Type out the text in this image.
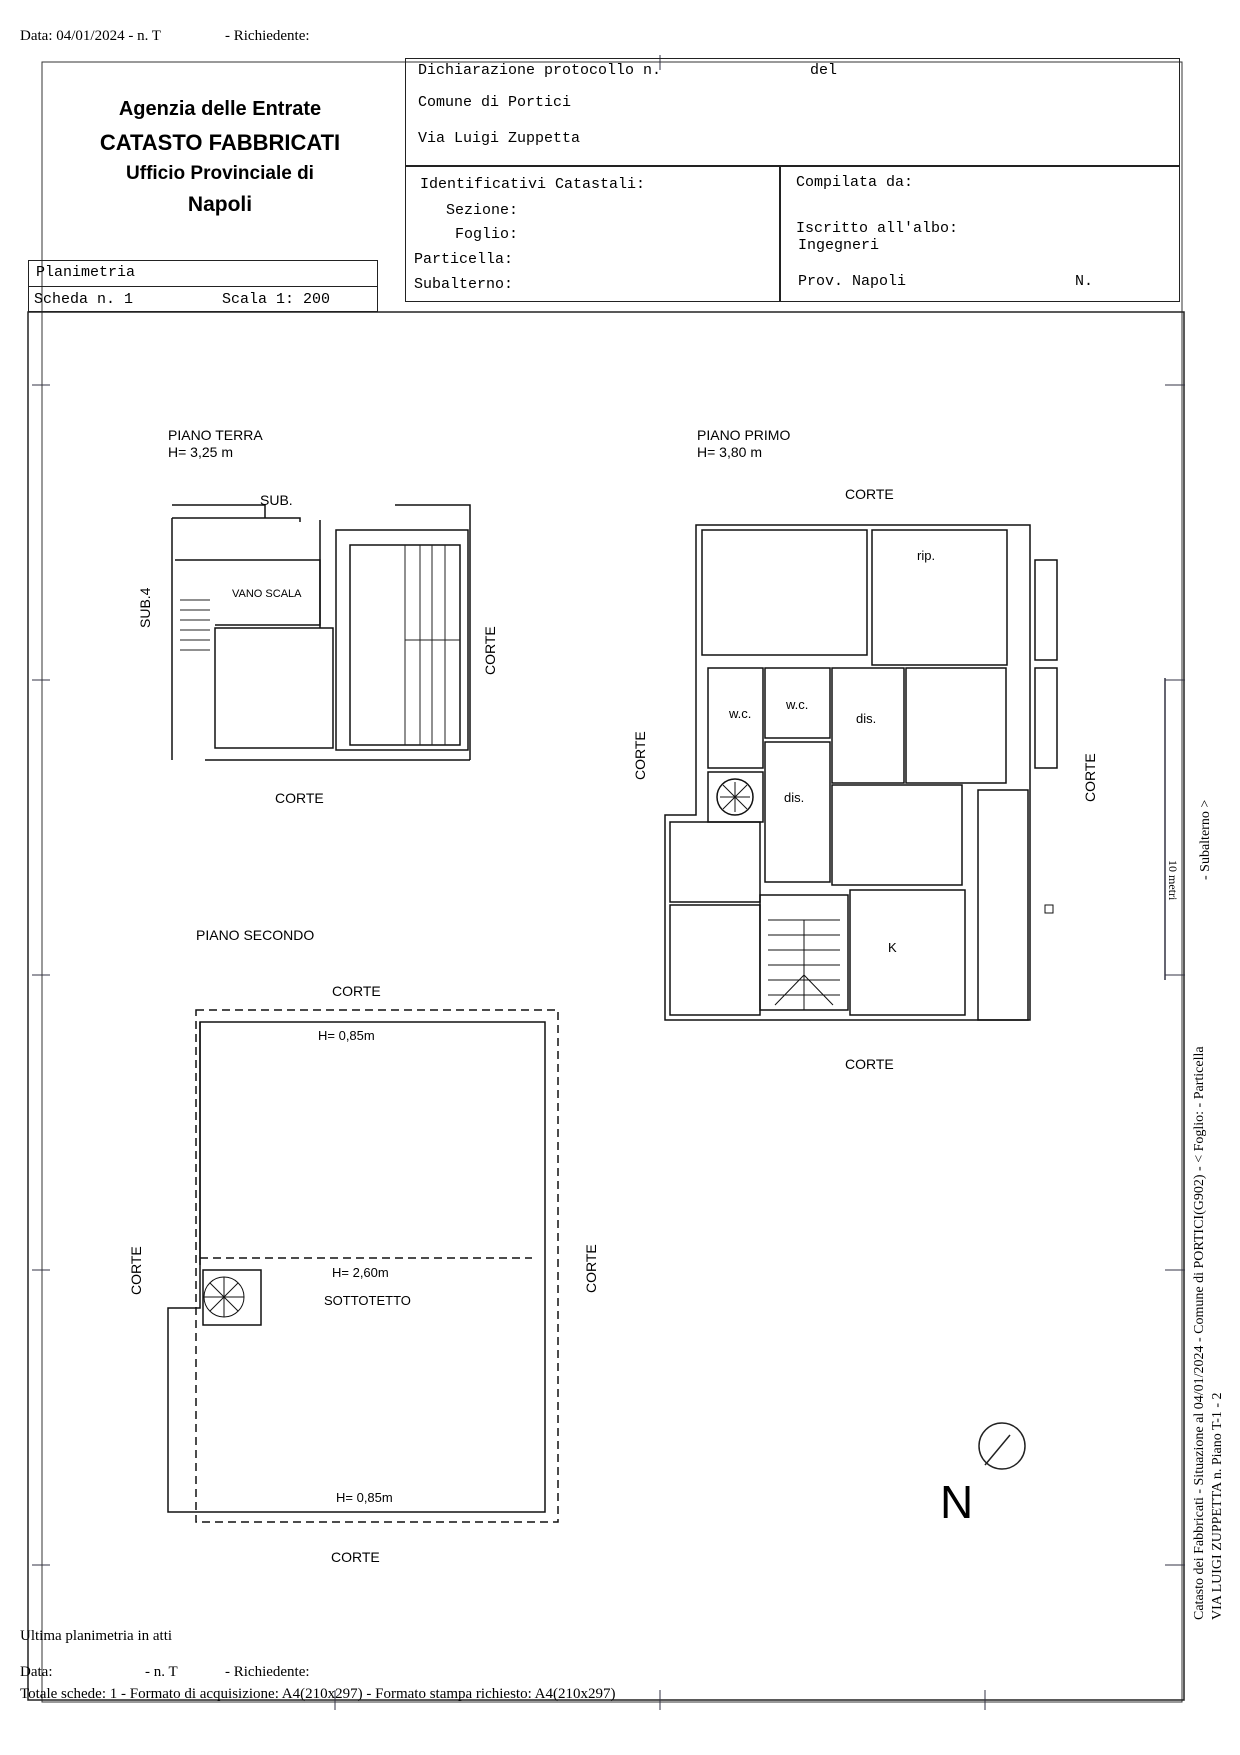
Data: 04/01/2024 - n. T	- Richiedente:
Agenzia delle Entrate
CATASTO FABBRICATI
Ufficio Provinciale di
Napoli
Dichiarazione protocollo n.	del
Comune di Portici
Via Luigi Zuppetta
Identificativi Catastali:
Sezione:
Foglio:
Particella:
Subalterno:
Compilata da:
Iscritto all'albo:
Ingegneri
Prov. Napoli	N.
Planimetria
Scheda n. 1	Scala 1: 200
PIANO TERRA
H= 3,25 m
SUB.
SUB.4	VANO SCALA
CORTE
CORTE
PIANO PRIMO
H= 3,80 m
CORTE
CORTE	CORTE
CORTE
rip.
w.c.
w.c.
dis.
dis.
K
PIANO SECONDO
CORTE
CORTE	CORTE
CORTE
H= 0,85m
H= 2,60m
SOTTOTETTO
H= 0,85m	N	Catasto dei Fabbricati - Situazione al 04/01/2024 - Comune di PORTICI(G902) - < Foglio: - Particella VIA LUIGI ZUPPETTA n. Piano T-1 - 2
- Subalterno >
10 metri
Ultima planimetria in atti
Data:	- n. T	- Richiedente:
Totale schede: 1 - Formato di acquisizione: A4(210x297) - Formato stampa richiesto: A4(210x297)
